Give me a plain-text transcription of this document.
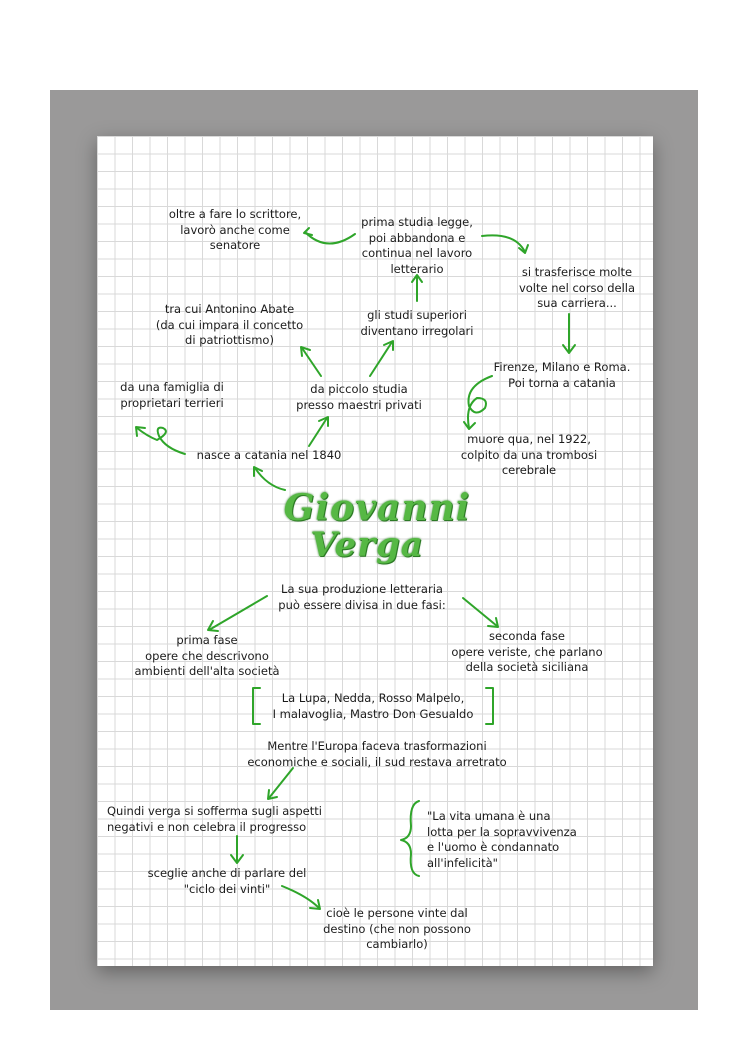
oltre a fare lo scrittore,
lavorò anche come
senatore

prima studia legge,
poi abbandona e
continua nel lavoro
letterario	si trasferisce molte
volte nel corso della
sua carriera...

tra cui Antonino Abate
(da cui impara il concetto
di patriottismo)

gli studi superiori
diventano irregolari

Firenze, Milano e Roma.
Poi torna a catania

da una famiglia di
proprietari terrieri

da piccolo studia
presso maestri privati

muore qua, nel 1922,
colpito da una trombosi
cerebrale

nasce a catania nel 1840

Giovanni
Verga

La sua produzione letteraria
può essere divisa in due fasi:

prima fase
opere che descrivono
ambienti dell'alta società

seconda fase
opere veriste, che parlano
della società siciliana

La Lupa, Nedda, Rosso Malpelo,
I malavoglia, Mastro Don Gesualdo

Mentre l'Europa faceva trasformazioni
economiche e sociali, il sud restava arretrato

Quindi verga si sofferma sugli aspetti
negativi e non celebra il progresso

"La vita umana è una
lotta per la sopravvivenza
e l'uomo è condannato
all'infelicità"

sceglie anche di parlare del
"ciclo dei vinti"

cioè le persone vinte dal
destino (che non possono
cambiarlo)
